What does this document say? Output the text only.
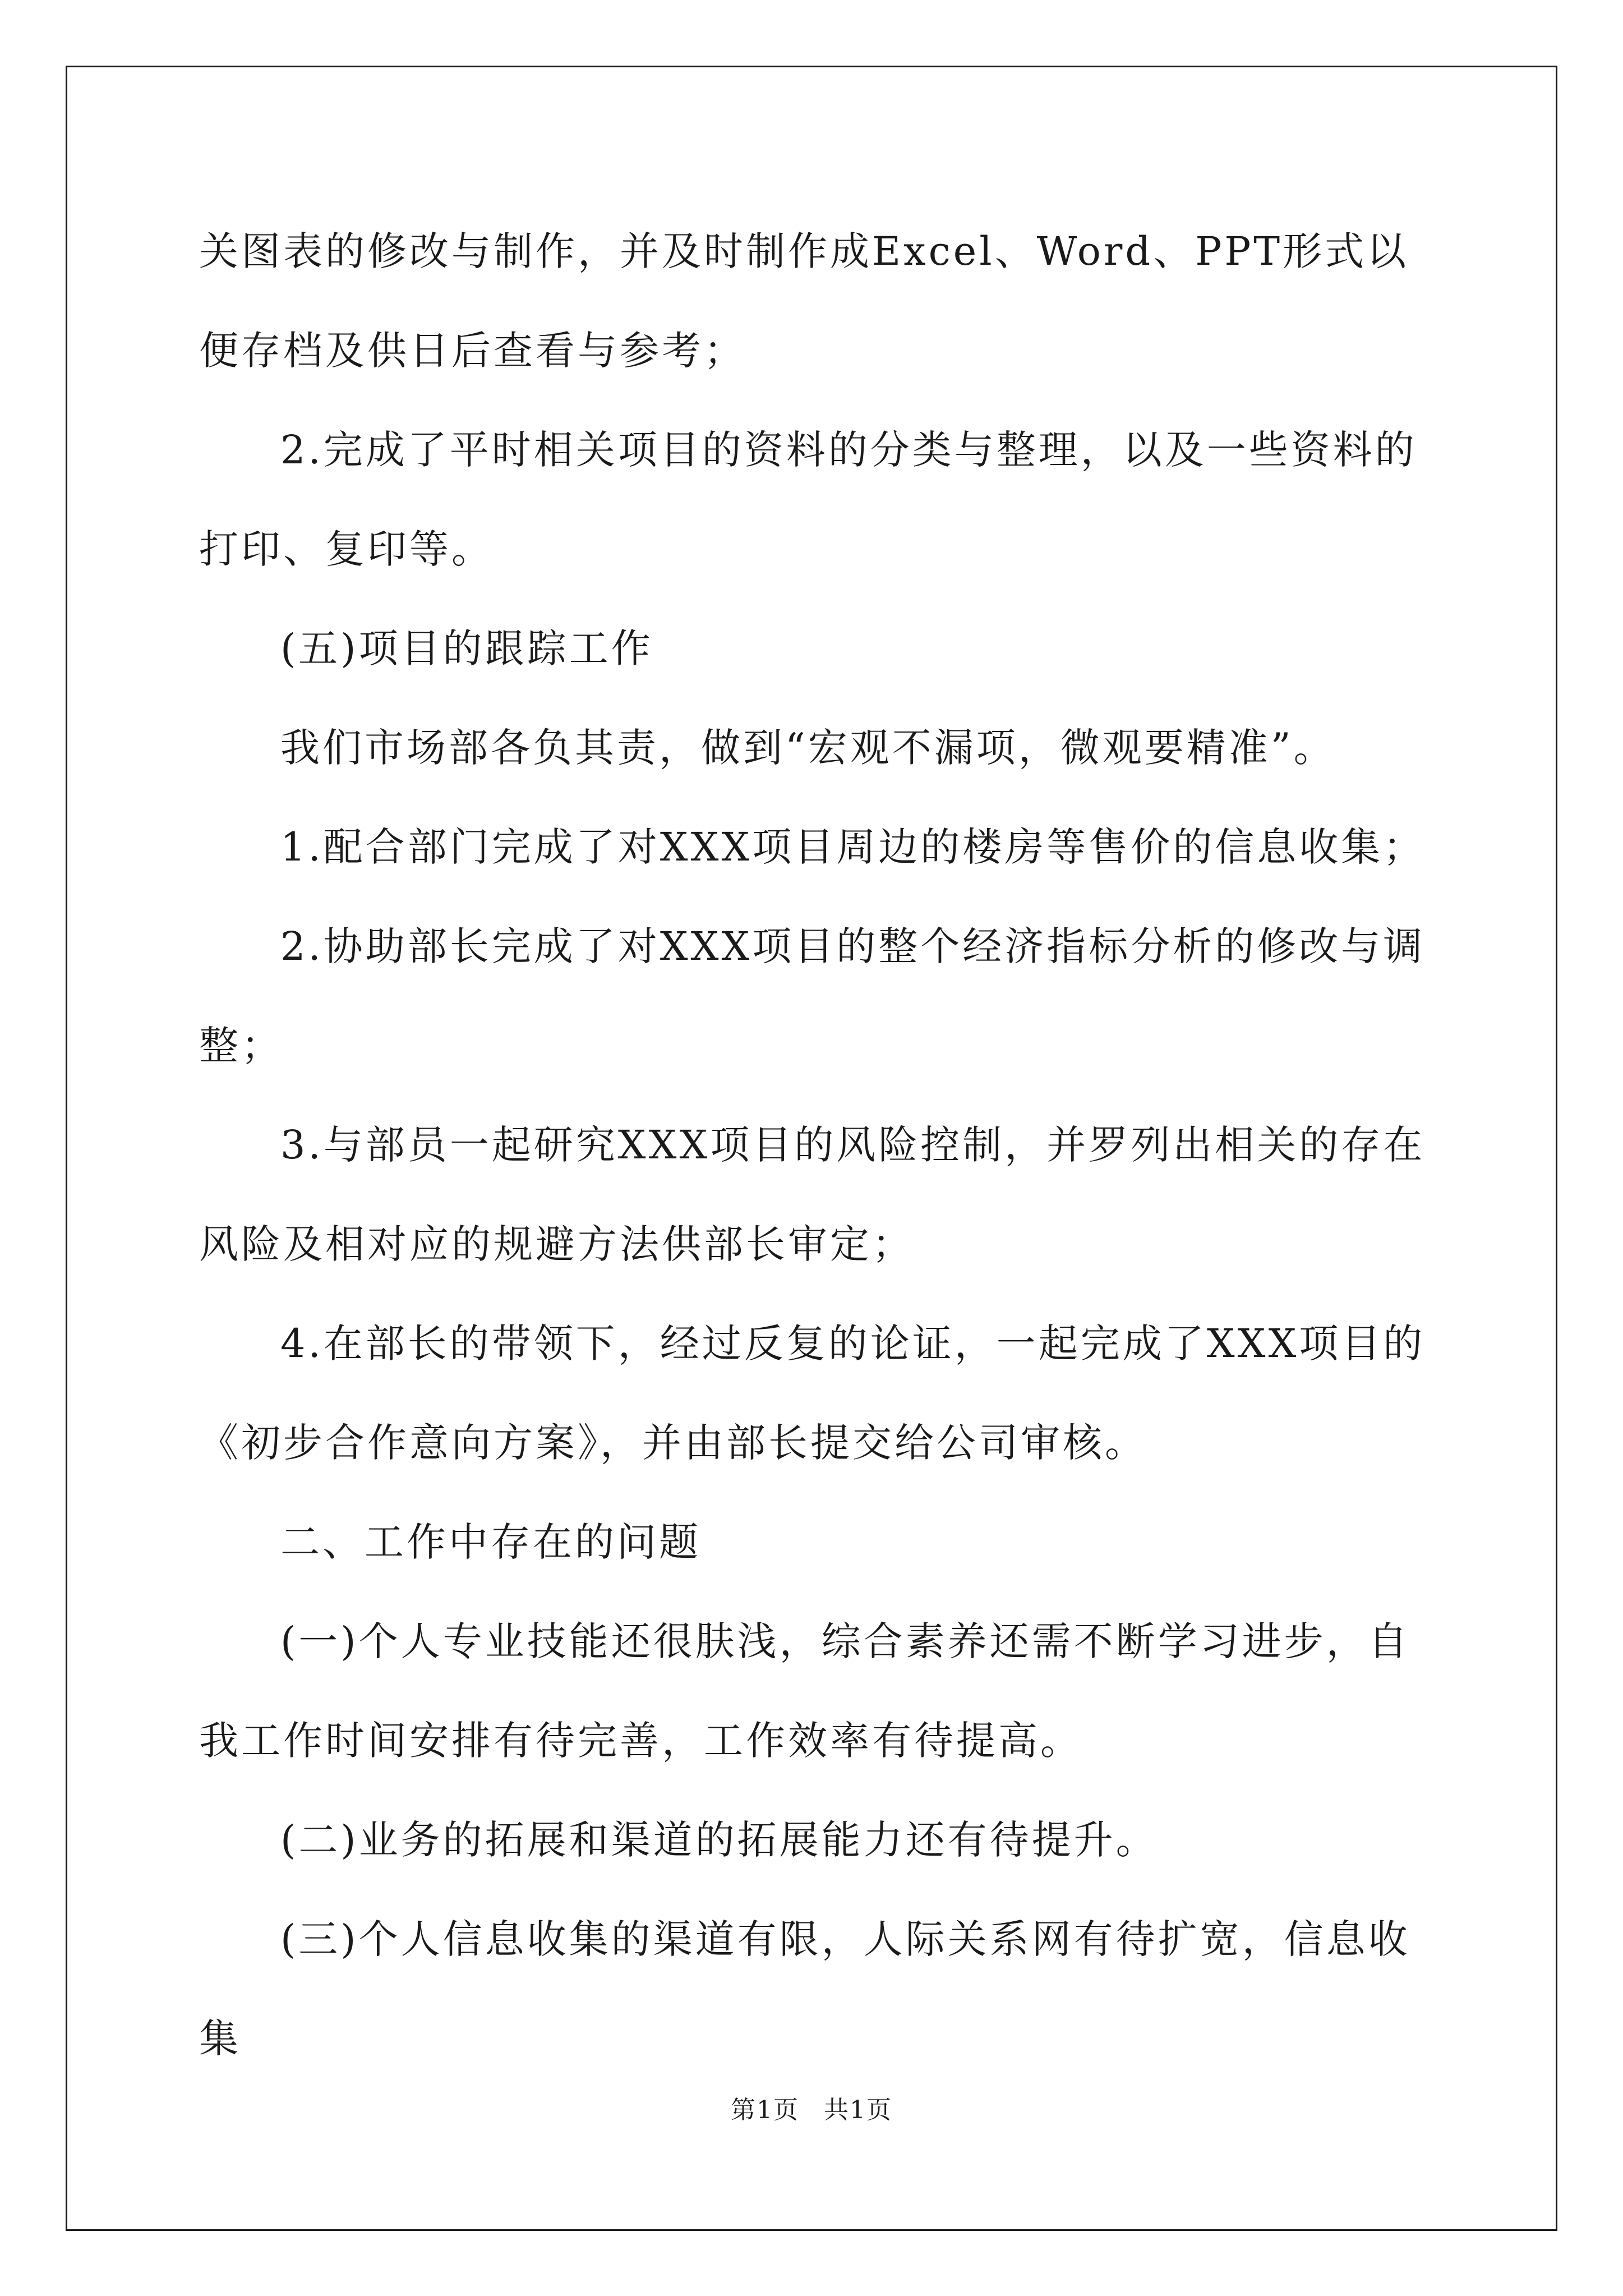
关图表的修改与制作，并及时制作成Excel、Word、PPT形式以便存档及供日后查看与参考；

2.完成了平时相关项目的资料的分类与整理，以及一些资料的打印、复印等。

(五)项目的跟踪工作

我们市场部各负其责，做到“宏观不漏项，微观要精准”。

1.配合部门完成了对XXX项目周边的楼房等售价的信息收集；

2.协助部长完成了对XXX项目的整个经济指标分析的修改与调整；

3.与部员一起研究XXX项目的风险控制，并罗列出相关的存在风险及相对应的规避方法供部长审定；

4.在部长的带领下，经过反复的论证，一起完成了XXX项目的《初步合作意向方案》，并由部长提交给公司审核。

二、工作中存在的问题

(一)个人专业技能还很肤浅，综合素养还需不断学习进步，自我工作时间安排有待完善，工作效率有待提高。

(二)业务的拓展和渠道的拓展能力还有待提升。

(三)个人信息收集的渠道有限，人际关系网有待扩宽，信息收集

第1页 共1页
